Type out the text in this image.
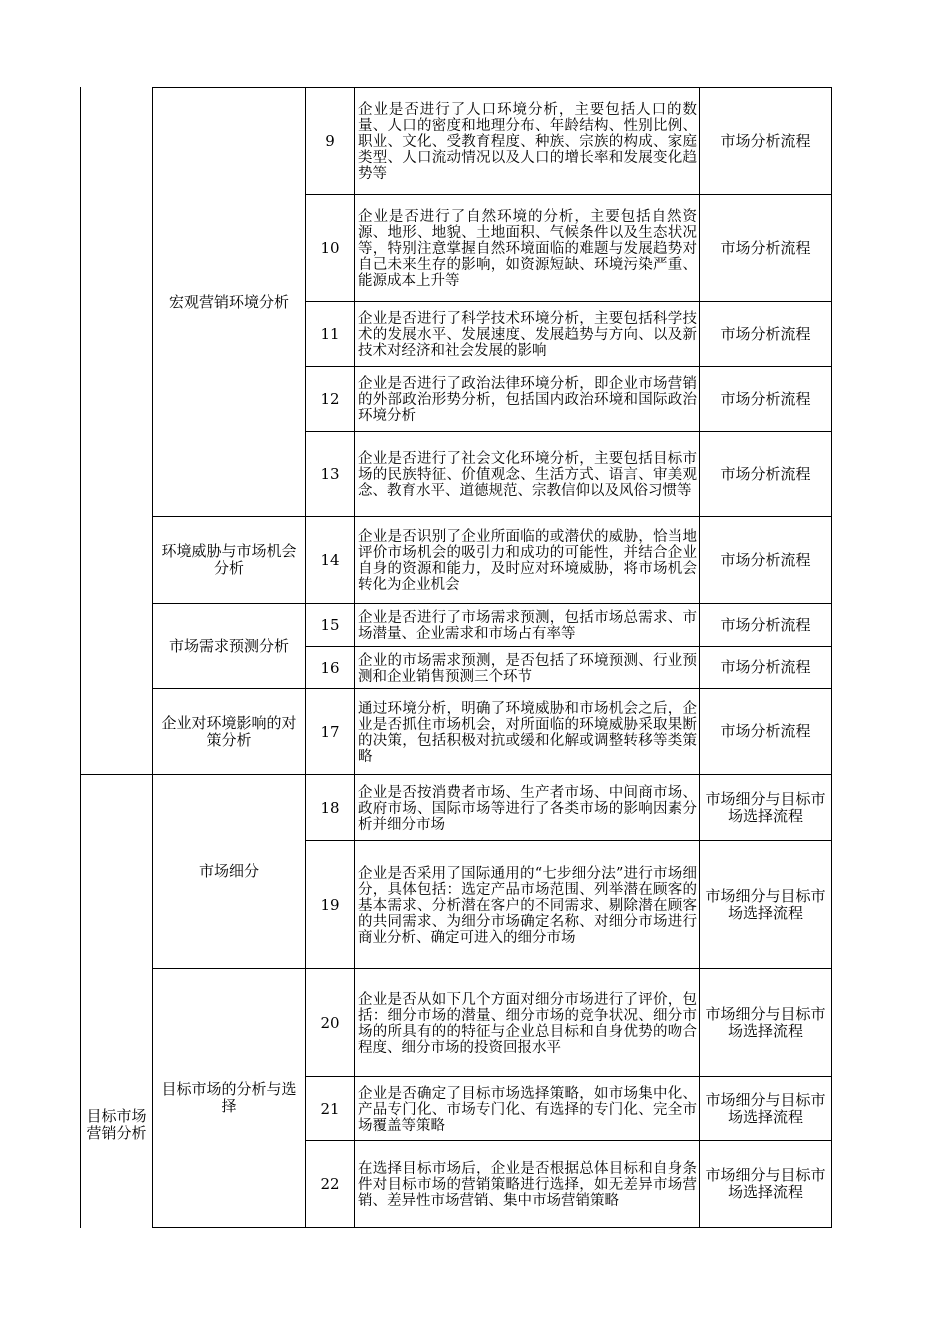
目标市场营销分析
宏观营销环境分析
环境威胁与市场机会分析
市场需求预测分析
企业对环境影响的对策分析
市场细分
目标市场的分析与选择
9
企业是否进行了人口环境分析，主要包括人口的数量、人口的密度和地理分布、年龄结构、性别比例、职业、文化、受教育程度、种族、宗族的构成、家庭类型、人口流动情况以及人口的增长率和发展变化趋势等
市场分析流程
10
企业是否进行了自然环境的分析，主要包括自然资源、地形、地貌、土地面积、气候条件以及生态状况等，特别注意掌握自然环境面临的难题与发展趋势对自己未来生存的影响，如资源短缺、环境污染严重、能源成本上升等
市场分析流程
11
企业是否进行了科学技术环境分析，主要包括科学技术的发展水平、发展速度、发展趋势与方向、以及新技术对经济和社会发展的影响
市场分析流程
12
企业是否进行了政治法律环境分析，即企业市场营销的外部政治形势分析，包括国内政治环境和国际政治环境分析
市场分析流程
13
企业是否进行了社会文化环境分析，主要包括目标市场的民族特征、价值观念、生活方式、语言、审美观念、教育水平、道德规范、宗教信仰以及风俗习惯等
市场分析流程
14
企业是否识别了企业所面临的或潜伏的威胁，恰当地评价市场机会的吸引力和成功的可能性，并结合企业自身的资源和能力，及时应对环境威胁，将市场机会转化为企业机会
市场分析流程
15 企业是否进行了市场需求预测，包括市场总需求、市场潜量、企业需求和市场占有率等
市场分析流程
16 企业的市场需求预测，是否包括了环境预测、行业预测和企业销售预测三个环节
市场分析流程
17
通过环境分析，明确了环境威胁和市场机会之后，企业是否抓住市场机会，对所面临的环境威胁采取果断的决策，包括积极对抗或缓和化解或调整转移等类策略
市场分析流程
18
企业是否按消费者市场、生产者市场、中间商市场、政府市场、国际市场等进行了各类市场的影响因素分析并细分市场
市场细分与目标市场选择流程
19
企业是否采用了国际通用的“七步细分法”进行市场细分，具体包括：选定产品市场范围、列举潜在顾客的基本需求、分析潜在客户的不同需求、剔除潜在顾客的共同需求、为细分市场确定名称、对细分市场进行商业分析、确定可进入的细分市场
市场细分与目标市场选择流程
20
企业是否从如下几个方面对细分市场进行了评价，包括：细分市场的潜量、细分市场的竞争状况、细分市场的所具有的的特征与企业总目标和自身优势的吻合程度、细分市场的投资回报水平
市场细分与目标市场选择流程
21
企业是否确定了目标市场选择策略，如市场集中化、产品专门化、市场专门化、有选择的专门化、完全市场覆盖等策略
市场细分与目标市场选择流程
22
在选择目标市场后，企业是否根据总体目标和自身条件对目标市场的营销策略进行选择，如无差异市场营销、差异性市场营销、集中市场营销策略
市场细分与目标市场选择流程
